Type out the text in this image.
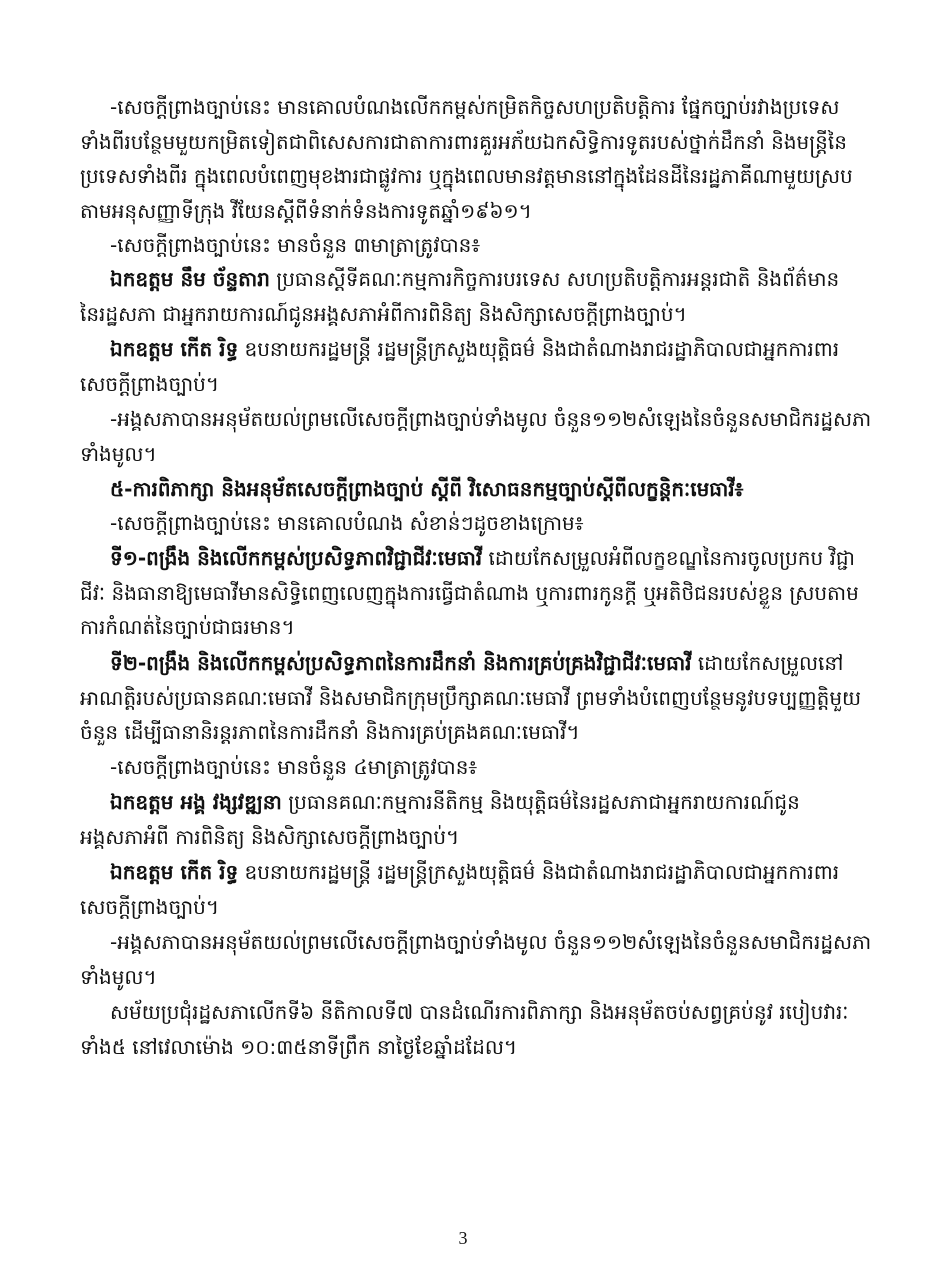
-សេចក្តីព្រាងច្បាប់នេះ មានគោលបំណងលើកកម្ពស់កម្រិតកិច្ចសហប្រតិបត្តិការ ផ្នែកច្បាប់រវាងប្រទេស
ទាំងពីរបន្ថែមមួយកម្រិតទៀតជាពិសេសការជាតាការពារគួរអភ័យឯកសិទ្ធិការទូតរបស់ថ្នាក់ដឹកនាំ និងមន្ត្រីនៃ
ប្រទេសទាំងពីរ ក្នុងពេលបំពេញមុខងារជាផ្លូវការ ឬក្នុងពេលមានវត្តមាននៅក្នុងដែនដីនៃរដ្ឋភាគីណាមួយស្រប
តាមអនុសញ្ញាទីក្រុង វីយែនស្តីពីទំនាក់ទំនងការទូតឆ្នាំ១៩៦១។
-សេចក្តីព្រាងច្បាប់នេះ មានចំនួន ៣មាត្រាត្រូវបាន៖
ឯកឧត្តម នឹម ច័ន្ទតារា ប្រធានស្តីទីគណៈកម្មការកិច្ចការបរទេស សហប្រតិបត្តិការអន្តរជាតិ និងព័ត៌មាន
នៃរដ្ឋសភា ជាអ្នករាយការណ៍ជូនអង្គសភាអំពីការពិនិត្យ និងសិក្សាសេចក្តីព្រាងច្បាប់។
ឯកឧត្តម កើត រិទ្ធ ឧបនាយករដ្ឋមន្ត្រី រដ្ឋមន្ត្រីក្រសួងយុត្តិធម៌ និងជាតំណាងរាជរដ្ឋាភិបាលជាអ្នកការពារ
សេចក្តីព្រាងច្បាប់។
-អង្គសភាបានអនុម័តយល់ព្រមលើសេចក្តីព្រាងច្បាប់ទាំងមូល ចំនួន១១២សំឡេងនៃចំនួនសមាជិករដ្ឋសភា
ទាំងមូល។
៥-ការពិភាក្សា និងអនុម័តសេចក្តីព្រាងច្បាប់ ស្តីពី វិសោធនកម្មច្បាប់ស្តីពីលក្ខន្តិកៈមេធាវី៖
-សេចក្តីព្រាងច្បាប់នេះ មានគោលបំណង សំខាន់ៗដូចខាងក្រោម៖
ទី១-ពង្រឹង និងលើកកម្ពស់ប្រសិទ្ធភាពវិជ្ជាជីវៈមេធាវី ដោយកែសម្រួលអំពីលក្ខខណ្ឌនៃការចូលប្រកប វិជ្ជា
ជីវៈ និងធានាឱ្យមេធាវីមានសិទ្ធិពេញលេញក្នុងការធ្វើជាតំណាង ឬការពារកូនក្តី ឬអតិថិជនរបស់ខ្លួន ស្របតាម
ការកំណត់នៃច្បាប់ជាធរមាន។
ទី២-ពង្រឹង និងលើកកម្ពស់ប្រសិទ្ធភាពនៃការដឹកនាំ និងការគ្រប់គ្រងវិជ្ជាជីវៈមេធាវី ដោយកែសម្រួលនៅ
អាណត្តិរបស់ប្រធានគណៈមេធាវី និងសមាជិកក្រុមប្រឹក្សាគណៈមេធាវី ព្រមទាំងបំពេញបន្ថែមនូវបទប្បញ្ញត្តិមួយ
ចំនួន ដើម្បីធានានិរន្តរភាពនៃការដឹកនាំ និងការគ្រប់គ្រងគណៈមេធាវី។
-សេចក្តីព្រាងច្បាប់នេះ មានចំនួន ៤មាត្រាត្រូវបាន៖
ឯកឧត្តម អង្គ វង្សវឌ្ឍនា ប្រធានគណៈកម្មការនីតិកម្ម និងយុត្តិធម៌នៃរដ្ឋសភាជាអ្នករាយការណ៍ជូន
អង្គសភាអំពី ការពិនិត្យ និងសិក្សាសេចក្តីព្រាងច្បាប់។
ឯកឧត្តម កើត រិទ្ធ ឧបនាយករដ្ឋមន្ត្រី រដ្ឋមន្ត្រីក្រសួងយុត្តិធម៌ និងជាតំណាងរាជរដ្ឋាភិបាលជាអ្នកការពារ
សេចក្តីព្រាងច្បាប់។
-អង្គសភាបានអនុម័តយល់ព្រមលើសេចក្តីព្រាងច្បាប់ទាំងមូល ចំនួន១១២សំឡេងនៃចំនួនសមាជិករដ្ឋសភា
ទាំងមូល។
សម័យប្រជុំរដ្ឋសភាលើកទី៦ នីតិកាលទី៧ បានដំណើរការពិភាក្សា និងអនុម័តចប់សព្វគ្រប់នូវ របៀបវារៈ
ទាំង៥ នៅវេលាម៉ោង ១០:៣៥នាទីព្រឹក នាថ្ងៃខែឆ្នាំដដែល។
3
